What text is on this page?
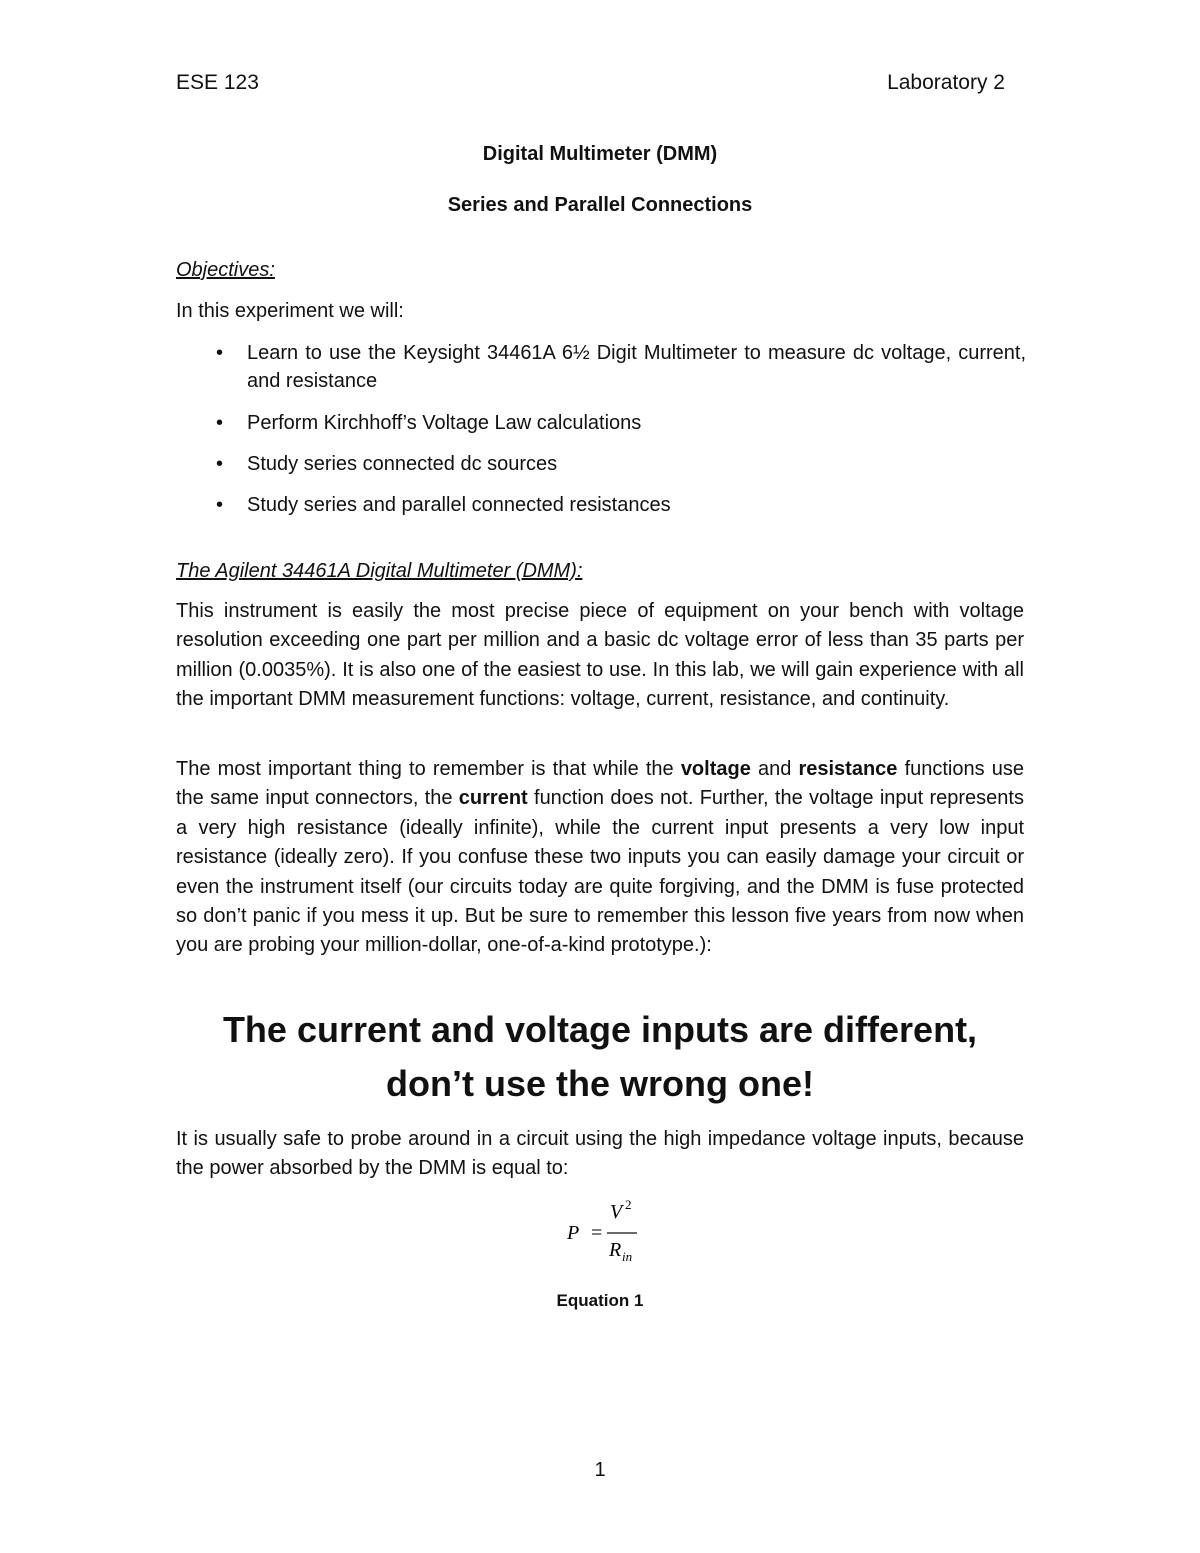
ESE 123	Laboratory 2
Digital Multimeter (DMM)
Series and Parallel Connections
Objectives:
In this experiment we will:
• Learn to use the Keysight 34461A 6½ Digit Multimeter to measure dc voltage, current, and resistance
• Perform Kirchhoff’s Voltage Law calculations
• Study series connected dc sources
• Study series and parallel connected resistances
The Agilent 34461A Digital Multimeter (DMM):

This instrument is easily the most precise piece of equipment on your bench with voltage resolution exceeding one part per million and a basic dc voltage error of less than 35 parts per million (0.0035%). It is also one of the easiest to use. In this lab, we will gain experience with all the important DMM measurement functions: voltage, current, resistance, and continuity.

The most important thing to remember is that while the voltage and resistance functions use the same input connectors, the current function does not. Further, the voltage input represents a very high resistance (ideally infinite), while the current input presents a very low input resistance (ideally zero). If you confuse these two inputs you can easily damage your circuit or even the instrument itself (our circuits today are quite forgiving, and the DMM is fuse protected so don’t panic if you mess it up. But be sure to remember this lesson five years from now when you are probing your million-dollar, one-of-a-kind prototype.):

The current and voltage inputs are different,
don’t use the wrong one!

It is usually safe to probe around in a circuit using the high impedance voltage inputs, because the power absorbed by the DMM is equal to:

P =
V 2
R in
Equation 1
1
